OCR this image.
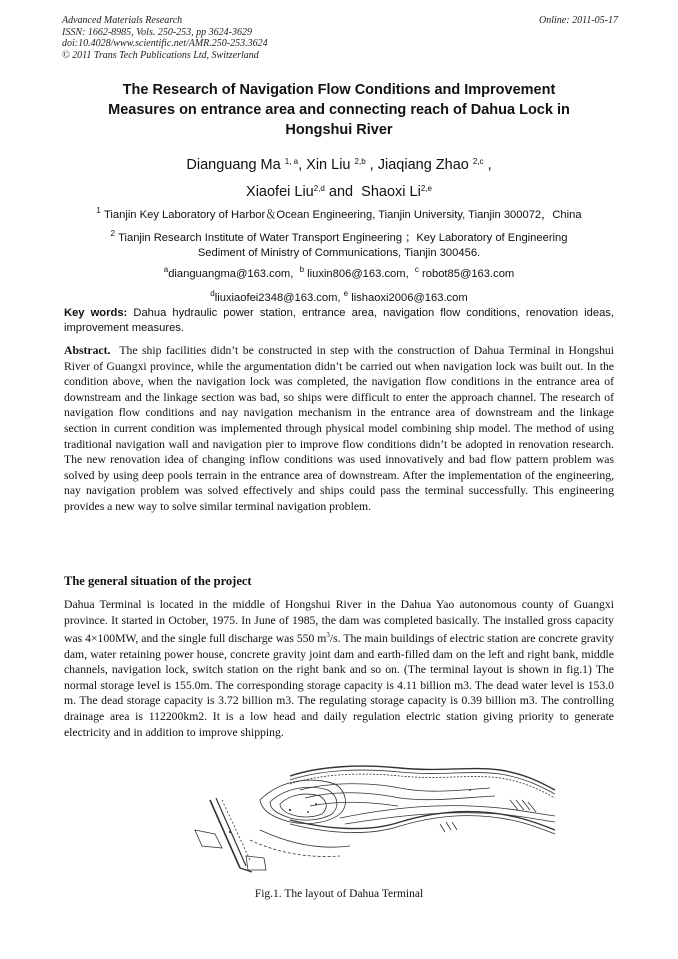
Advanced Materials Research
ISSN: 1662-8985, Vols. 250-253, pp 3624-3629
doi:10.4028/www.scientific.net/AMR.250-253.3624
© 2011 Trans Tech Publications Ltd, Switzerland
Online: 2011-05-17
The Research of Navigation Flow Conditions and Improvement
Measures on entrance area and connecting reach of Dahua Lock in
Hongshui River
Dianguang Ma $^{1, a}$, Xin Liu $^{2,b}$ , Jiaqiang Zhao $^{2,c}$ ,
Xiaofei Liu$^{2,d}$ and Shaoxi Li$^{2,e}$
$^1$ Tianjin Key Laboratory of Harbor＆Ocean Engineering, Tianjin University, Tianjin 300072，China
$^2$ Tianjin Research Institute of Water Transport Engineering ；Key Laboratory of Engineering
Sediment of Ministry of Communications, Tianjin 300456.
$^a$dianguangma@163.com, $^b$ liuxin806@163.com, $^c$ robot85@163.com
$^d$liuxiaofei2348@163.com, $^e$ lishaoxi2006@163.com
Key words: Dahua hydraulic power station, entrance area, navigation flow conditions, renovation ideas, improvement measures.
Abstract. The ship facilities didn’t be constructed in step with the construction of Dahua Terminal in Hongshui River of Guangxi province, while the argumentation didn’t be carried out when navigation lock was built out. In the condition above, when the navigation lock was completed, the navigation flow conditions in the entrance area of downstream and the linkage section was bad, so ships were difficult to enter the approach channel. The research of navigation flow conditions and nay navigation mechanism in the entrance area of downstream and the linkage section in current condition was implemented through physical model combining ship model. The method of using traditional navigation wall and navigation pier to improve flow conditions didn’t be adopted in renovation research. The new renovation idea of changing inflow conditions was used innovatively and bad flow pattern problem was solved by using deep pools terrain in the entrance area of downstream. After the implementation of the engineering, nay navigation problem was solved effectively and ships could pass the terminal successfully. This engineering provides a new way to solve similar terminal navigation problem.
The general situation of the project
Dahua Terminal is located in the middle of Hongshui River in the Dahua Yao autonomous county of Guangxi province. It started in October, 1975. In June of 1985, the dam was completed basically. The installed gross capacity was 4×100MW, and the single full discharge was 550 $m^3/s$. The main buildings of electric station are concrete gravity dam, water retaining power house, concrete gravity joint dam and earth-filled dam on the left and right bank, middle channels, navigation lock, switch station on the right bank and so on. (The terminal layout is shown in fig.1) The normal storage level is 155.0m. The corresponding storage capacity is 4.11 billion m3. The dead water level is 153.0 m. The dead storage capacity is 3.72 billion m3. The regulating storage capacity is 0.39 billion m3. The controlling drainage area is 112200km2. It is a low head and daily regulation electric station giving priority to generate electricity and in addition to improve shipping.
Fig.1. The layout of Dahua Terminal
